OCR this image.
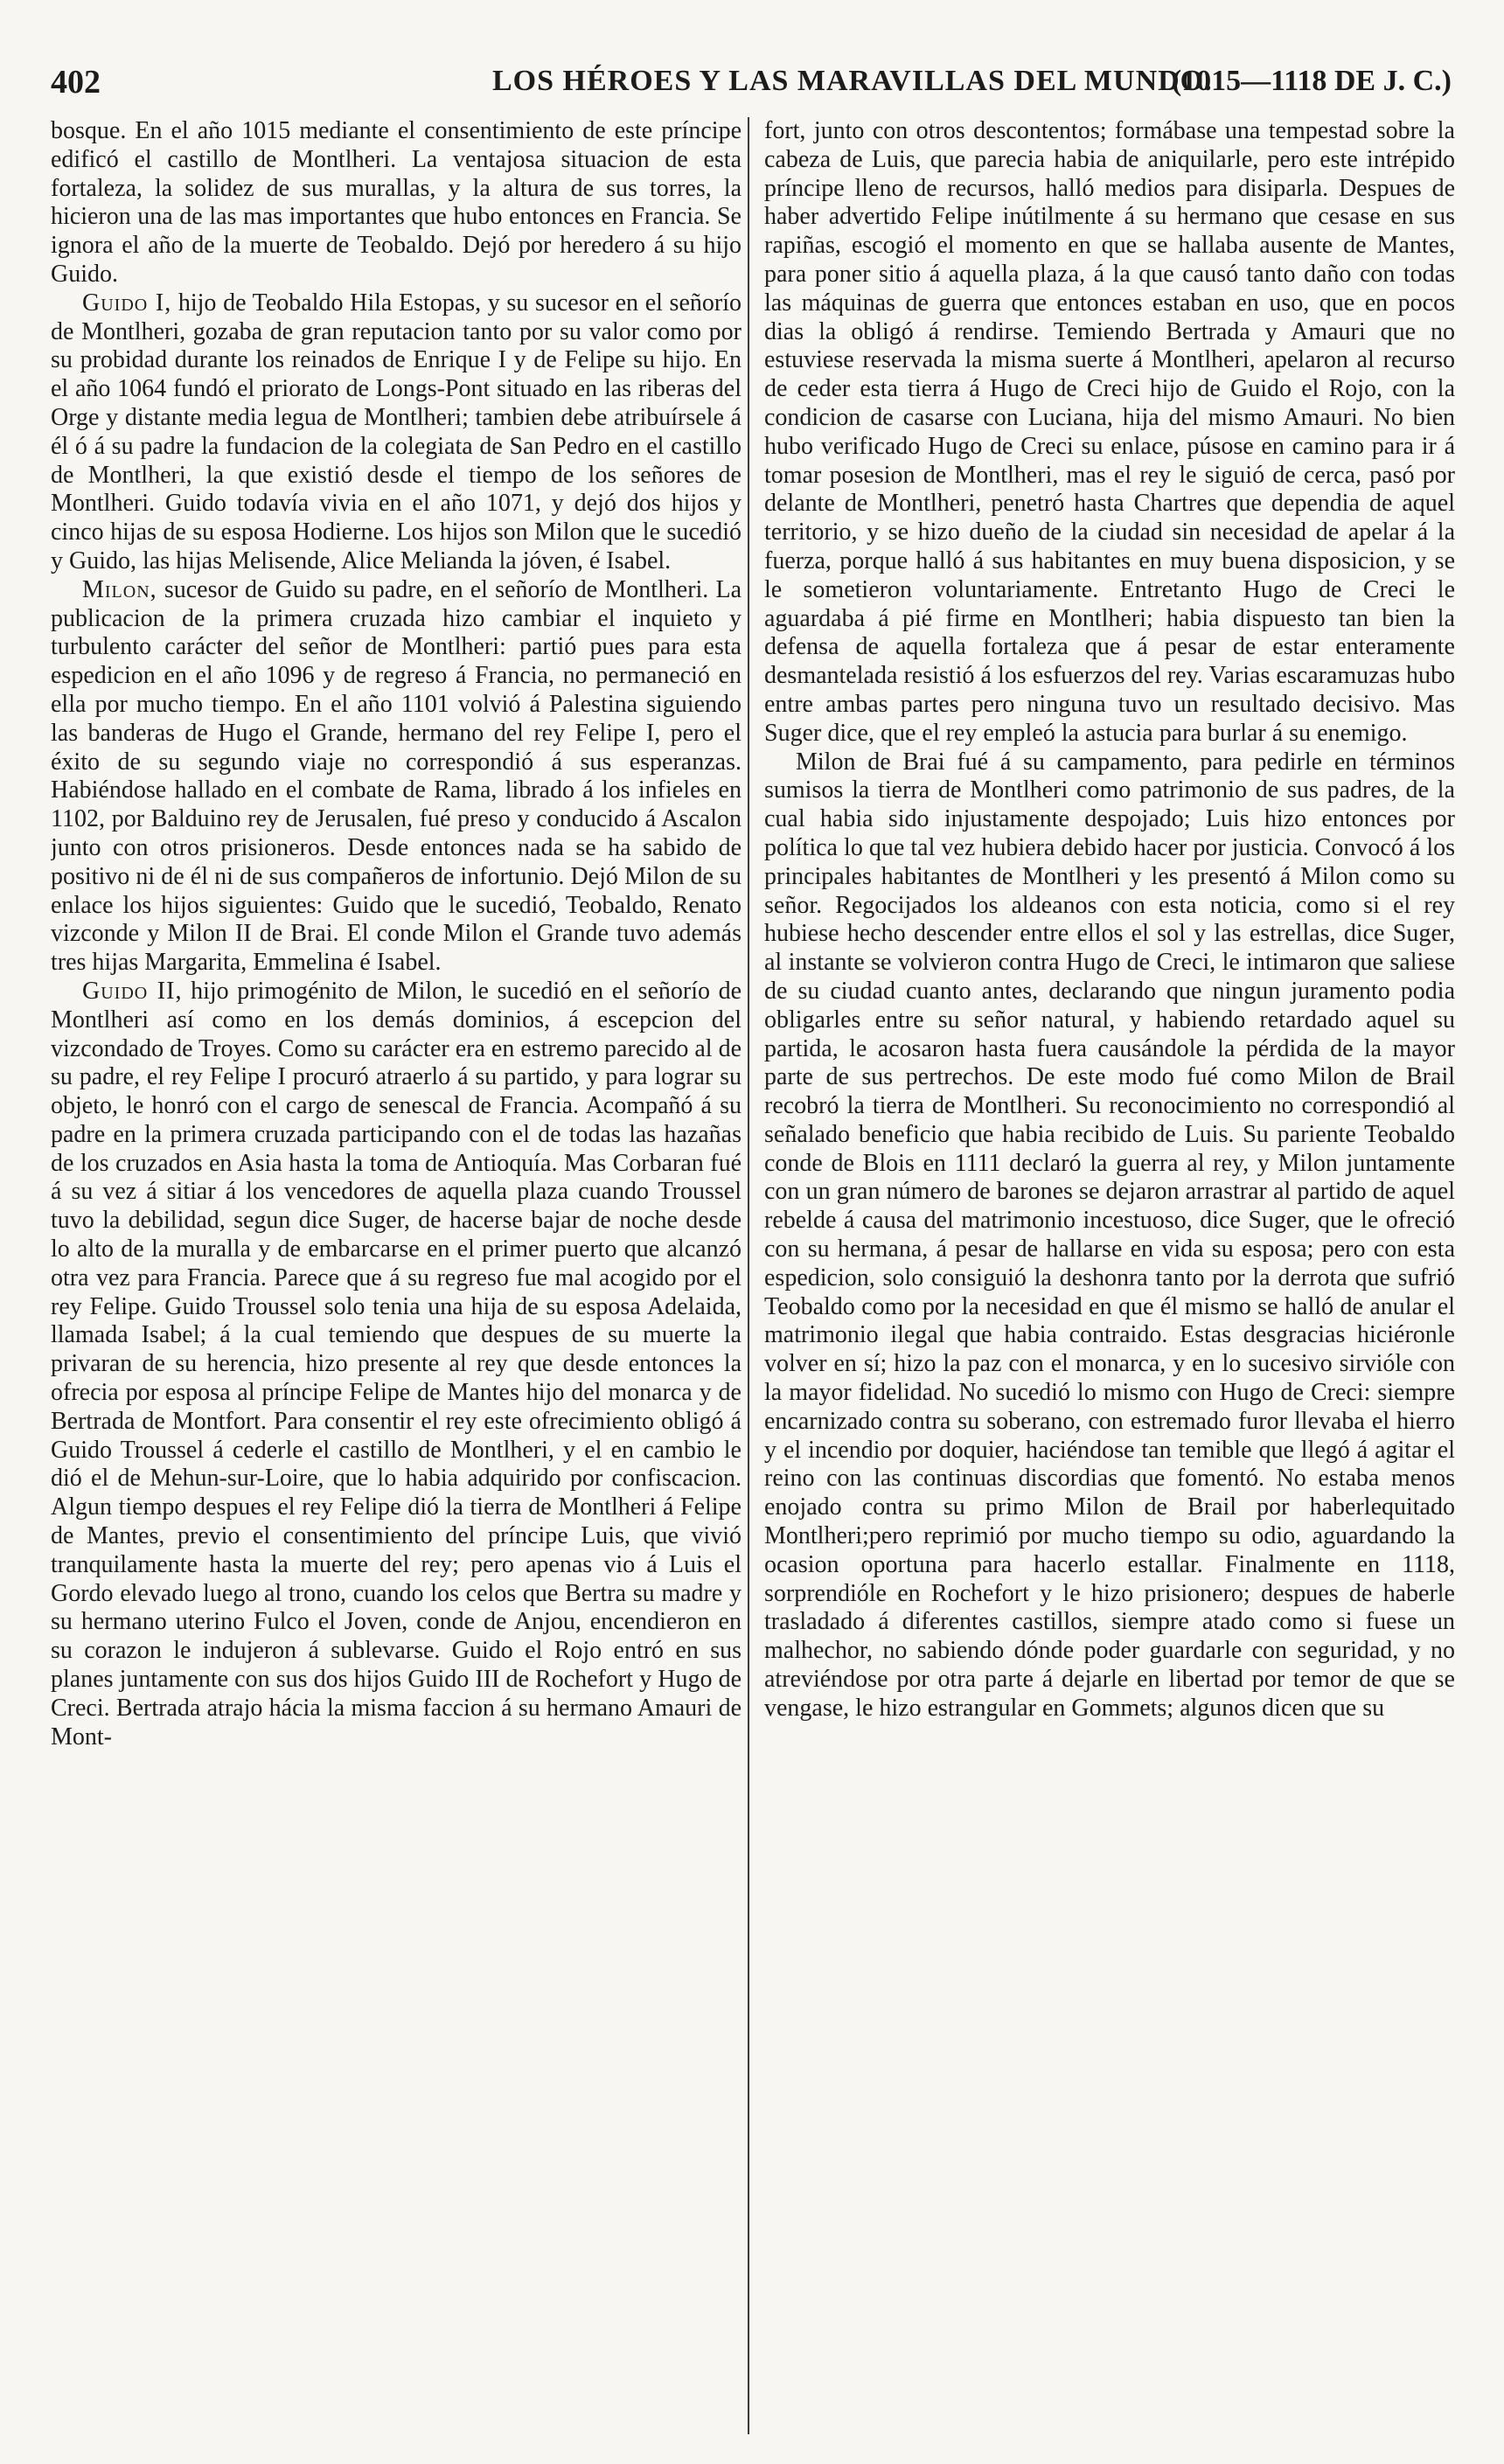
402	LOS HÉROES Y LAS MARAVILLAS DEL MUNDO.
(1015—1118 DE J. C.)

bosque. En el año 1015 mediante el consentimiento de este príncipe edificó el castillo de Montlheri. La ventajosa situacion de esta fortaleza, la solidez de sus murallas, y la altura de sus torres, la hicieron una de las mas importantes que hubo entonces en Francia. Se ignora el año de la muerte de Teobaldo. Dejó por heredero á su hijo Guido.

Guido I, hijo de Teobaldo Hila Estopas, y su sucesor en el señorío de Montlheri, gozaba de gran reputacion tanto por su valor como por su probidad durante los reinados de Enrique I y de Felipe su hijo. En el año 1064 fundó el priorato de Longs-Pont situado en las riberas del Orge y distante media legua de Montlheri; tambien debe atribuírsele á él ó á su padre la fundacion de la colegiata de San Pedro en el castillo de Montlheri, la que existió desde el tiempo de los señores de Montlheri. Guido todavía vivia en el año 1071, y dejó dos hijos y cinco hijas de su esposa Hodierne. Los hijos son Milon que le sucedió y Guido, las hijas Melisende, Alice Melianda la jóven, é Isabel.

Milon, sucesor de Guido su padre, en el señorío de Montlheri. La publicacion de la primera cruzada hizo cambiar el inquieto y turbulento carácter del señor de Montlheri: partió pues para esta espedicion en el año 1096 y de regreso á Francia, no permaneció en ella por mucho tiempo. En el año 1101 volvió á Palestina siguiendo las banderas de Hugo el Grande, hermano del rey Felipe I, pero el éxito de su segundo viaje no correspondió á sus esperanzas. Habiéndose hallado en el combate de Rama, librado á los infieles en 1102, por Balduino rey de Jerusalen, fué preso y conducido á Ascalon junto con otros prisioneros. Desde entonces nada se ha sabido de positivo ni de él ni de sus compañeros de infortunio. Dejó Milon de su enlace los hijos siguientes: Guido que le sucedió, Teobaldo, Renato vizconde y Milon II de Brai. El conde Milon el Grande tuvo además tres hijas Margarita, Emmelina é Isabel.

Guido II, hijo primogénito de Milon, le sucedió en el señorío de Montlheri así como en los demás dominios, á escepcion del vizcondado de Troyes. Como su carácter era en estremo parecido al de su padre, el rey Felipe I procuró atraerlo á su partido, y para lograr su objeto, le honró con el cargo de senescal de Francia. Acompañó á su padre en la primera cruzada participando con el de todas las hazañas de los cruzados en Asia hasta la toma de Antioquía. Mas Corbaran fué á su vez á sitiar á los vencedores de aquella plaza cuando Troussel tuvo la debilidad, segun dice Suger, de hacerse bajar de noche desde lo alto de la muralla y de embarcarse en el primer puerto que alcanzó otra vez para Francia. Parece que á su regreso fue mal acogido por el rey Felipe. Guido Troussel solo tenia una hija de su esposa Adelaida, llamada Isabel; á la cual temiendo que despues de su muerte la privaran de su herencia, hizo presente al rey que desde entonces la ofrecia por esposa al príncipe Felipe de Mantes hijo del monarca y de Bertrada de Montfort. Para consentir el rey este ofrecimiento obligó á Guido Troussel á cederle el castillo de Montlheri, y el en cambio le dió el de Mehun-sur-Loire, que lo habia adquirido por confiscacion. Algun tiempo despues el rey Felipe dió la tierra de Montlheri á Felipe de Mantes, previo el consentimiento del príncipe Luis, que vivió tranquilamente hasta la muerte del rey; pero apenas vio á Luis el Gordo elevado luego al trono, cuando los celos que Bertra su madre y su hermano uterino Fulco el Joven, conde de Anjou, encendieron en su corazon le indujeron á sublevarse. Guido el Rojo entró en sus planes juntamente con sus dos hijos Guido III de Rochefort y Hugo de Creci. Bertrada atrajo hácia la misma faccion á su hermano Amauri de Mont-

fort, junto con otros descontentos; formábase una tempestad sobre la cabeza de Luis, que parecia habia de aniquilarle, pero este intrépido príncipe lleno de recursos, halló medios para disiparla. Despues de haber advertido Felipe inútilmente á su hermano que cesase en sus rapiñas, escogió el momento en que se hallaba ausente de Mantes, para poner sitio á aquella plaza, á la que causó tanto daño con todas las máquinas de guerra que entonces estaban en uso, que en pocos dias la obligó á rendirse. Temiendo Bertrada y Amauri que no estuviese reservada la misma suerte á Montlheri, apelaron al recurso de ceder esta tierra á Hugo de Creci hijo de Guido el Rojo, con la condicion de casarse con Luciana, hija del mismo Amauri. No bien hubo verificado Hugo de Creci su enlace, púsose en camino para ir á tomar posesion de Montlheri, mas el rey le siguió de cerca, pasó por delante de Montlheri, penetró hasta Chartres que dependia de aquel territorio, y se hizo dueño de la ciudad sin necesidad de apelar á la fuerza, porque halló á sus habitantes en muy buena disposicion, y se le sometieron voluntariamente. Entretanto Hugo de Creci le aguardaba á pié firme en Montlheri; habia dispuesto tan bien la defensa de aquella fortaleza que á pesar de estar enteramente desmantelada resistió á los esfuerzos del rey. Varias escaramuzas hubo entre ambas partes pero ninguna tuvo un resultado decisivo. Mas Suger dice, que el rey empleó la astucia para burlar á su enemigo.

Milon de Brai fué á su campamento, para pedirle en términos sumisos la tierra de Montlheri como patrimonio de sus padres, de la cual habia sido injustamente despojado; Luis hizo entonces por política lo que tal vez hubiera debido hacer por justicia. Convocó á los principales habitantes de Montlheri y les presentó á Milon como su señor. Regocijados los aldeanos con esta noticia, como si el rey hubiese hecho descender entre ellos el sol y las estrellas, dice Suger, al instante se volvieron contra Hugo de Creci, le intimaron que saliese de su ciudad cuanto antes, declarando que ningun juramento podia obligarles entre su señor natural, y habiendo retardado aquel su partida, le acosaron hasta fuera causándole la pérdida de la mayor parte de sus pertrechos. De este modo fué como Milon de Brail recobró la tierra de Montlheri. Su reconocimiento no correspondió al señalado beneficio que habia recibido de Luis. Su pariente Teobaldo conde de Blois en 1111 declaró la guerra al rey, y Milon juntamente con un gran número de barones se dejaron arrastrar al partido de aquel rebelde á causa del matrimonio incestuoso, dice Suger, que le ofreció con su hermana, á pesar de hallarse en vida su esposa; pero con esta espedicion, solo consiguió la deshonra tanto por la derrota que sufrió Teobaldo como por la necesidad en que él mismo se halló de anular el matrimonio ilegal que habia contraido. Estas desgracias hiciéronle volver en sí; hizo la paz con el monarca, y en lo sucesivo sirvióle con la mayor fidelidad. No sucedió lo mismo con Hugo de Creci: siempre encarnizado contra su soberano, con estremado furor llevaba el hierro y el incendio por doquier, haciéndose tan temible que llegó á agitar el reino con las continuas discordias que fomentó. No estaba menos enojado contra su primo Milon de Brail por haberlequitado Montlheri;pero reprimió por mucho tiempo su odio, aguardando la ocasion oportuna para hacerlo estallar. Finalmente en 1118, sorprendióle en Rochefort y le hizo prisionero; despues de haberle trasladado á diferentes castillos, siempre atado como si fuese un malhechor, no sabiendo dónde poder guardarle con seguridad, y no atreviéndose por otra parte á dejarle en libertad por temor de que se vengase, le hizo estrangular en Gommets; algunos dicen que su
